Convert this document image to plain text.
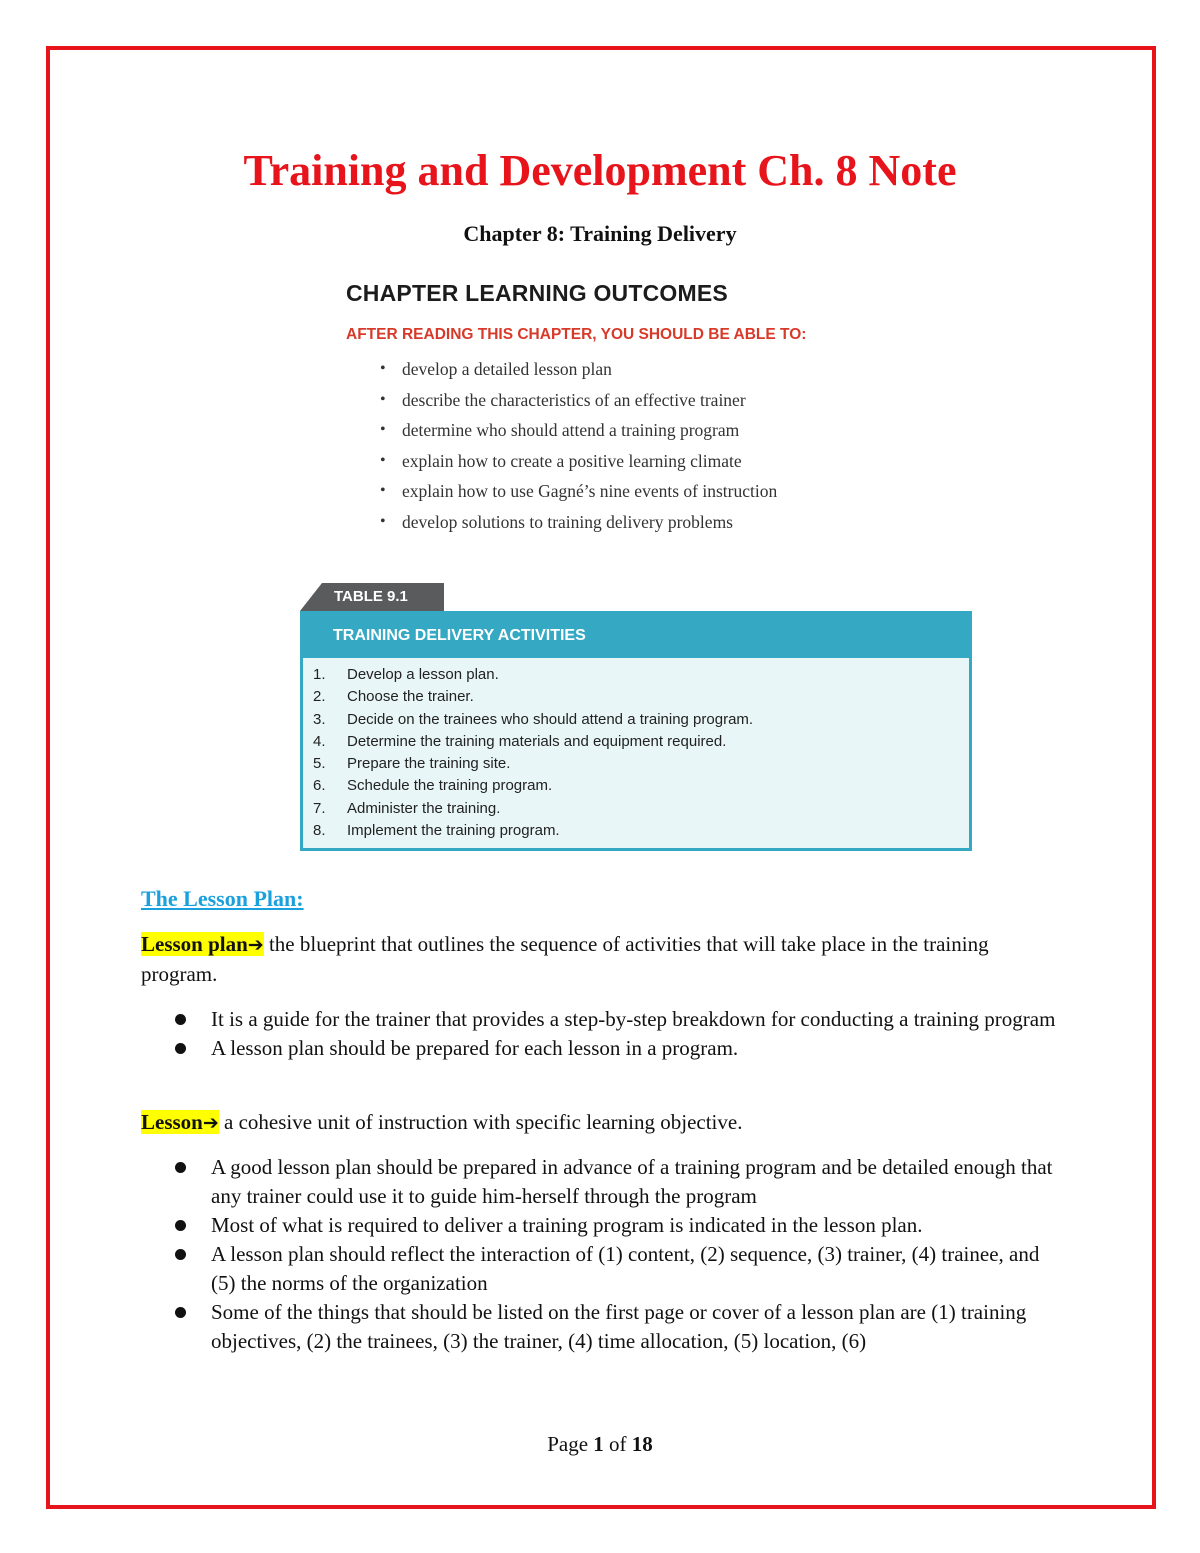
Training and Development Ch. 8 Note
Chapter 8: Training Delivery
CHAPTER LEARNING OUTCOMES
AFTER READING THIS CHAPTER, YOU SHOULD BE ABLE TO:
• develop a detailed lesson plan
• describe the characteristics of an effective trainer
• determine who should attend a training program
• explain how to create a positive learning climate
• explain how to use Gagné’s nine events of instruction
• develop solutions to training delivery problems
TABLE 9.1
TRAINING DELIVERY ACTIVITIES
1. Develop a lesson plan.
2. Choose the trainer.
3. Decide on the trainees who should attend a training program.
4. Determine the training materials and equipment required.
5. Prepare the training site.
6. Schedule the training program.
7. Administer the training.
8. Implement the training program.
The Lesson Plan:
Lesson plan➔ the blueprint that outlines the sequence of activities that will take place in the training program.
It is a guide for the trainer that provides a step-by-step breakdown for conducting a training program
A lesson plan should be prepared for each lesson in a program.
Lesson➔ a cohesive unit of instruction with specific learning objective.
A good lesson plan should be prepared in advance of a training program and be detailed enough that any trainer could use it to guide him-herself through the program
Most of what is required to deliver a training program is indicated in the lesson plan.
A lesson plan should reflect the interaction of (1) content, (2) sequence, (3) trainer, (4) trainee, and (5) the norms of the organization
Some of the things that should be listed on the first page or cover of a lesson plan are (1) training objectives, (2) the trainees, (3) the trainer, (4) time allocation, (5) location, (6)
Page 1 of 18
